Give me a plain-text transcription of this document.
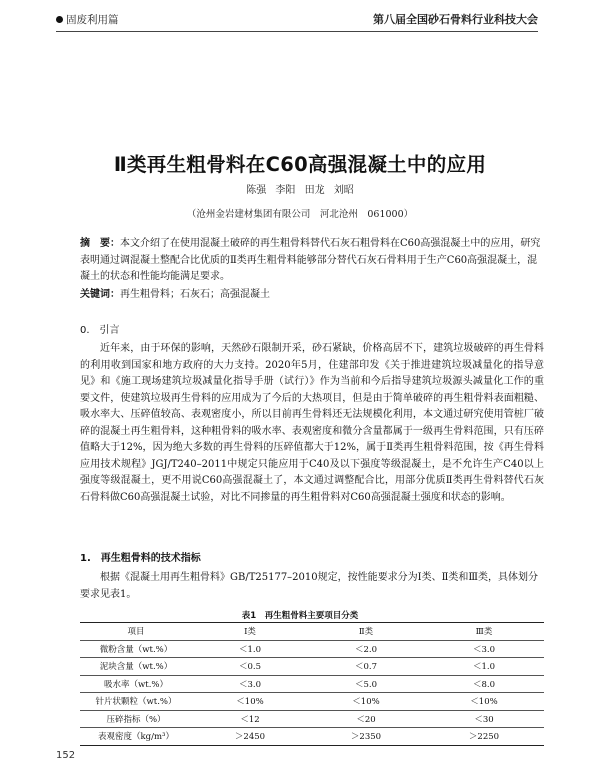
固废利用篇	第八届全国砂石骨料行业科技大会
Ⅱ类再生粗骨料在C60高强混凝土中的应用
陈强 李阳 田龙 刘昭
（沧州金岩建材集团有限公司　河北沧州　061000）
摘　要：本文介绍了在使用混凝土破碎的再生粗骨料替代石灰石粗骨料在C60高强混凝土中的应用，研究表明通过调混凝土整配合比优质的Ⅱ类再生粗骨料能够部分替代石灰石骨料用于生产C60高强混凝土，混凝土的状态和性能均能满足要求。
关键词：再生粗骨料；石灰石；高强混凝土
0.　引言
近年来，由于环保的影响，天然砂石限制开采，砂石紧缺，价格高居不下，建筑垃圾破碎的再生骨料的利用收到国家和地方政府的大力支持。2020年5月，住建部印发《关于推进建筑垃圾减量化的指导意见》和《施工现场建筑垃圾减量化指导手册（试行）》作为当前和今后指导建筑垃圾源头减量化工作的重要文件，使建筑垃圾再生骨料的应用成为了今后的大热项目，但是由于简单破碎的再生粗骨料表面粗糙、吸水率大、压碎值较高、表观密度小，所以目前再生骨料还无法规模化利用，本文通过研究使用管桩厂破碎的混凝土再生粗骨料，这种粗骨料的吸水率、表观密度和微分含量都属于一级再生骨料范围，只有压碎值略大于12%，因为绝大多数的再生骨料的压碎值都大于12%，属于Ⅱ类再生粗骨料范围，按《再生骨料应用技术规程》JGJ/T240–2011中规定只能应用于C40及以下强度等级混凝土，是不允许生产C40以上强度等级混凝土，更不用说C60高强混凝土了，本文通过调整配合比，用部分优质Ⅱ类再生骨料替代石灰石骨料做C60高强混凝土试验，对比不同掺量的再生粗骨料对C60高强混凝土强度和状态的影响。
1.　再生粗骨料的技术指标
根据《混凝土用再生粗骨料》GB/T25177–2010规定，按性能要求分为Ⅰ类、Ⅱ类和Ⅲ类，具体划分要求见表1。
表1　再生粗骨料主要项目分类
项目	Ⅰ类	Ⅱ类	Ⅲ类
微粉含量（wt.%）	＜1.0	＜2.0	＜3.0
泥块含量（wt.%）	＜0.5	＜0.7	＜1.0
吸水率（wt.%）	＜3.0	＜5.0	＜8.0
针片状颗粒（wt.%）	＜10%	＜10%	＜10%
压碎指标（%）	＜12	＜20	＜30
表观密度（kg/m³）	＞2450	＞2350	＞2250
152
